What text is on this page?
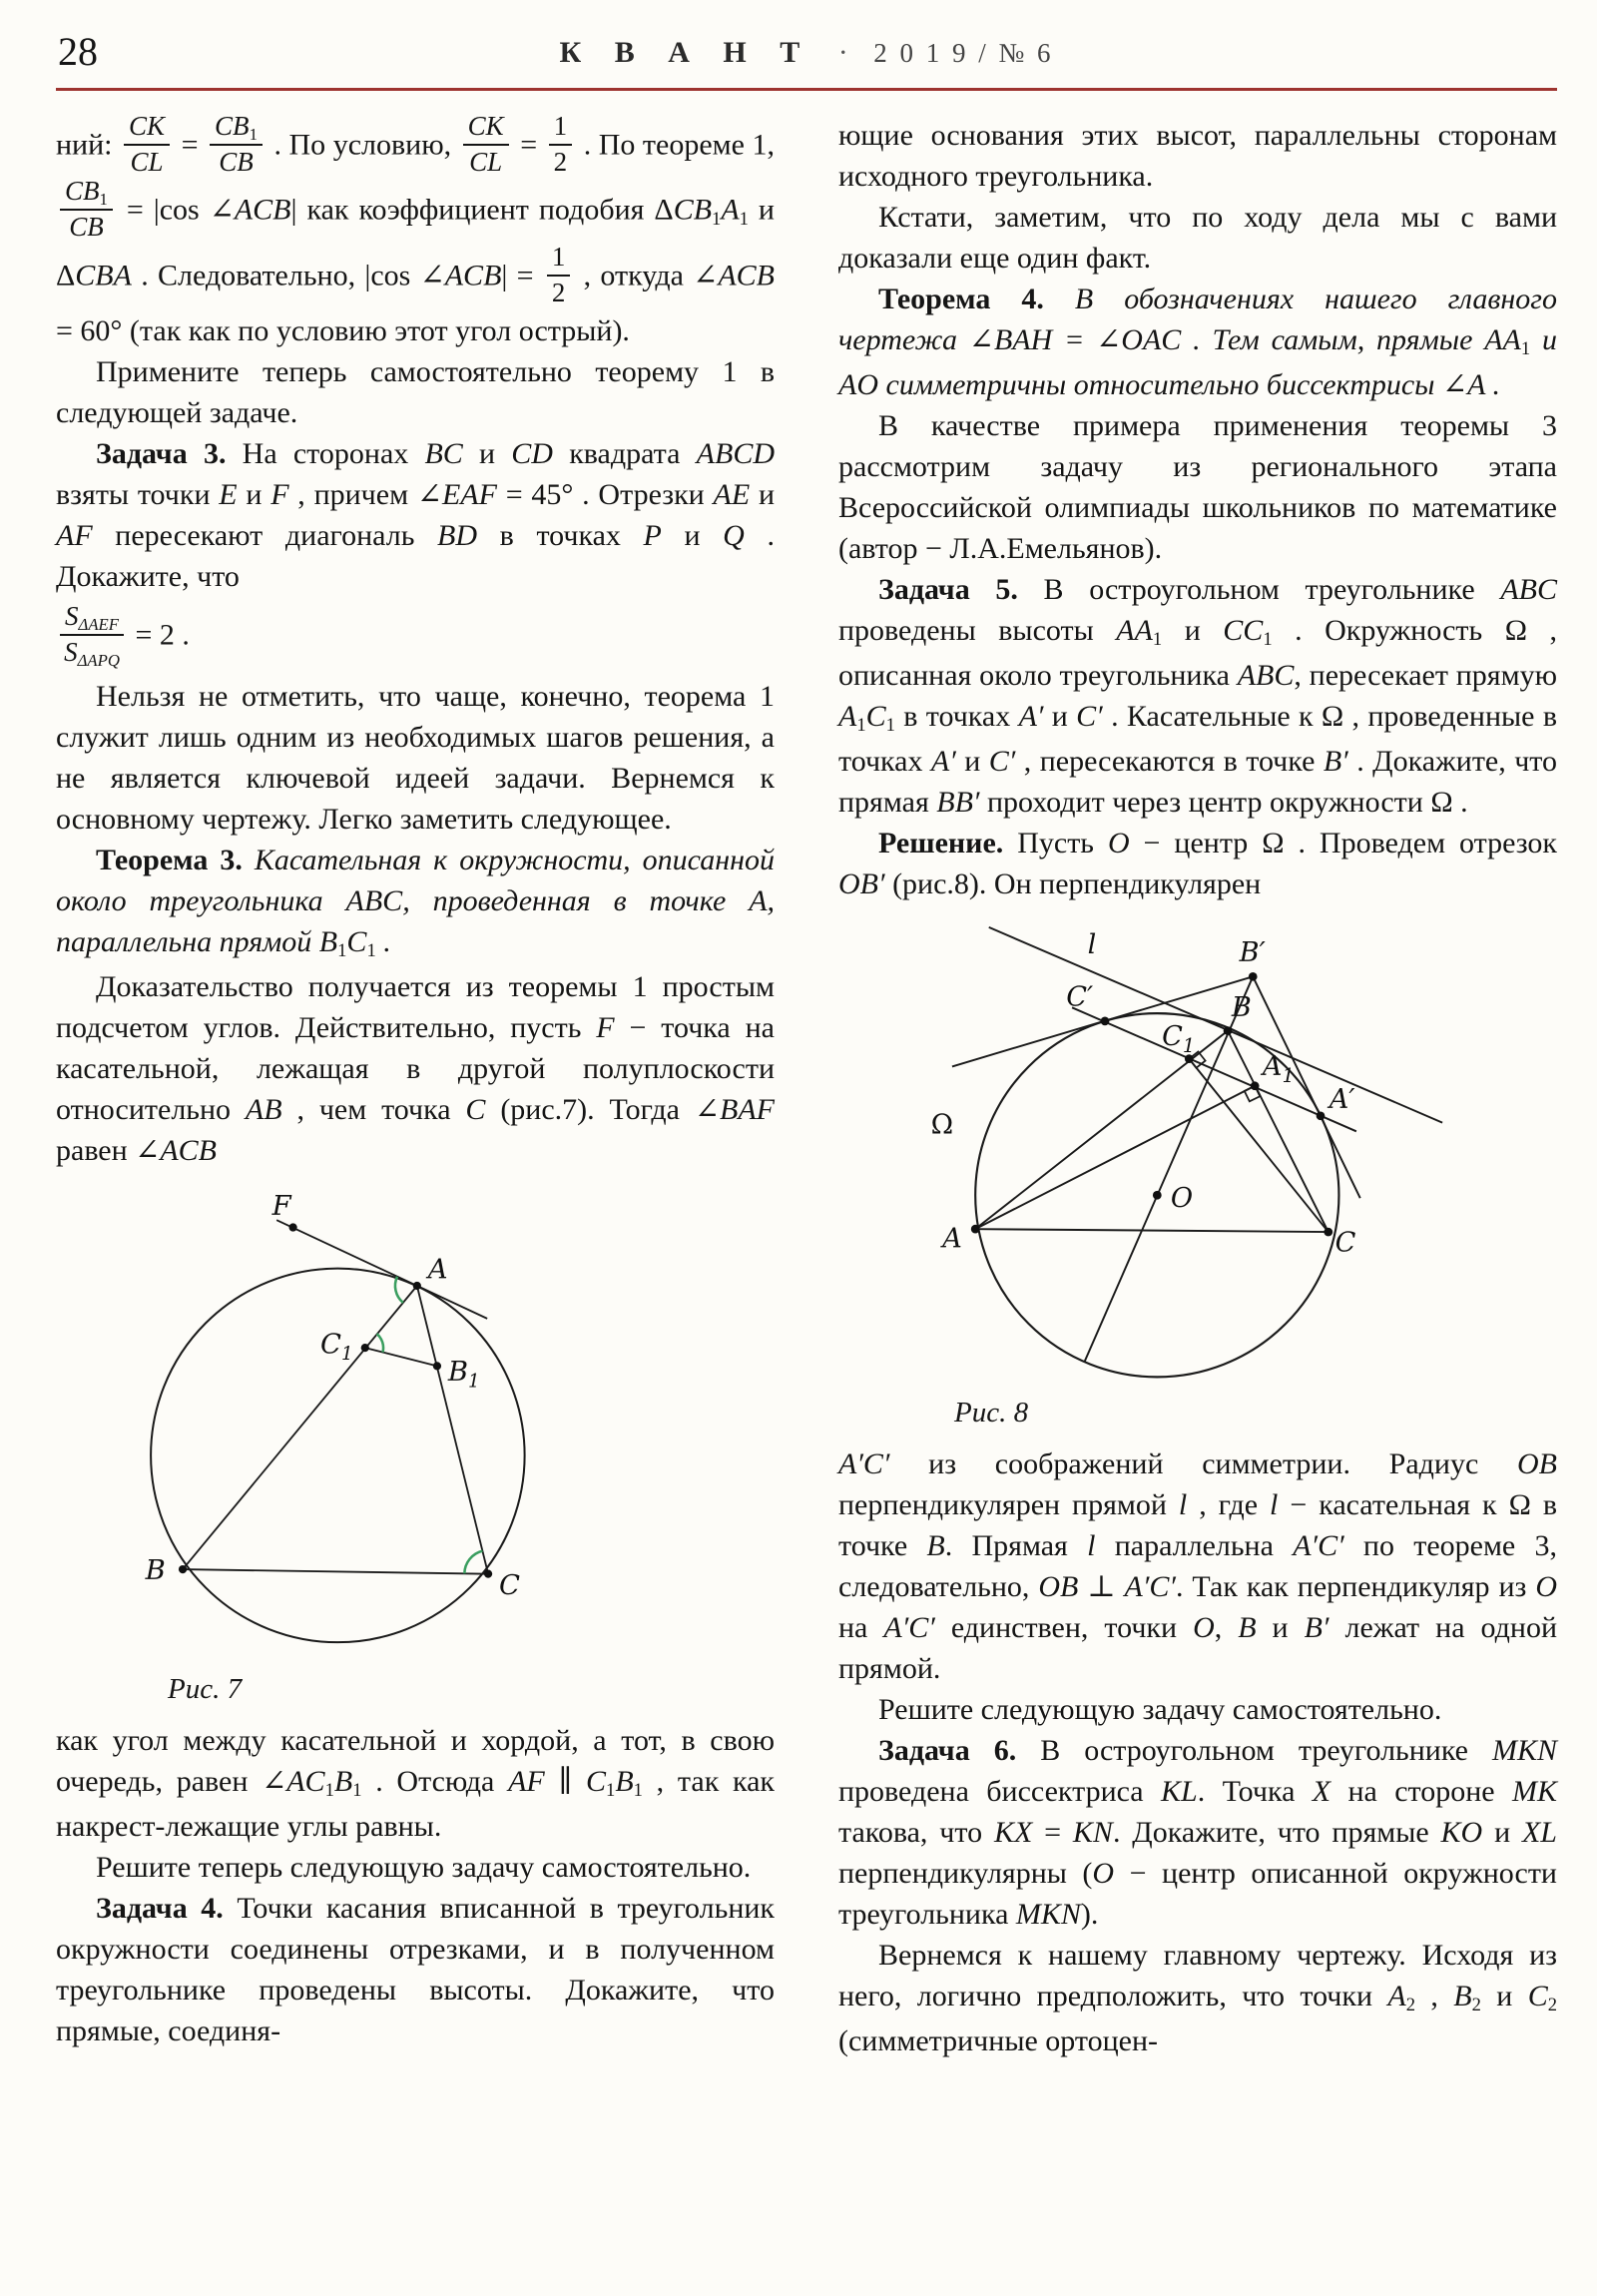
28	К В А Н Т · 2 0 1 9 / № 6

ний: $\frac{CK}{CL} = \frac{CB1}{CB}$ . По условию, $\frac{CK}{CL} = \frac{1}{2}$ . По теореме 1,
$\frac{CB1}{CB} = |\cos$ ∠ACB| как коэффициент подобия ΔCB1A1 и ΔCBA . Следовательно, |cos ∠ACB| = $\frac{1}{2}$ , откуда ∠ACB = 60° (так как по условию этот угол острый).

Примените теперь самостоятельно теорему 1 в следующей задаче.

Задача 3. На сторонах BC и CD квадрата ABCD взяты точки E и F , причем ∠EAF = 45° . Отрезки AE и AF пересекают диагональ BD в точках P и Q . Докажите, что

$\frac{\text{SΔAEF}}{\text{SΔAPQ}} = 2$ .

Нельзя не отметить, что чаще, конечно, теорема 1 служит лишь одним из необходимых шагов решения, а не является ключевой идеей задачи. Вернемся к основному чертежу. Легко заметить следующее.

Теорема 3. Касательная к окружности, описанной около треугольника ABC, проведенная в точке A, параллельна прямой B1C1 .

Доказательство получается из теоремы 1 простым подсчетом углов. Действительно, пусть F − точка на касательной, лежащая в другой полуплоскости относительно AB , чем точка C (рис.7). Тогда ∠BAF равен ∠ACB

F
A
$C_1$
$B_1$
B	C
Рис. 7

как угол между касательной и хордой, а тот, в свою очередь, равен ∠AC1B1 . Отсюда AF ∥ C1B1 , так как накрест-лежащие углы равны.

Решите теперь следующую задачу самостоятельно.

Задача 4. Точки касания вписанной в треугольник окружности соединены отрезками, и в полученном треугольнике проведены высоты. Докажите, что прямые, соединя-

ющие основания этих высот, параллельны сторонам исходного треугольника.

Кстати, заметим, что по ходу дела мы с вами доказали еще один факт.

Теорема 4. В обозначениях нашего главного чертежа ∠BAH = ∠OAC . Тем самым, прямые AA1 и AO симметричны относительно биссектрисы ∠A .

В качестве примера применения теоремы 3 рассмотрим задачу из регионального этапа Всероссийской олимпиады школьников по математике (автор − Л.А.Емельянов).

Задача 5. В остроугольном треугольнике ABC проведены высоты AA1 и CC1 . Окружность Ω , описанная около треугольника ABC, пересекает прямую A1C1 в точках A′ и C′ . Касательные к Ω , проведенные в точках A′ и C′ , пересекаются в точке B′ . Докажите, что прямая BB′ проходит через центр окружности Ω .

Решение. Пусть O − центр Ω . Проведем отрезок OB′ (рис.8). Он перпендикулярен

l	B′
C′
$C_1$
B
$A_1$
A′
Ω
O
A	C
Рис. 8

A′C′ из соображений симметрии. Радиус OB перпендикулярен прямой l , где l − касательная к Ω в точке B. Прямая l параллельна A′C′ по теореме 3, следовательно, OB ⊥ A′C′. Так как перпендикуляр из O на A′C′ единствен, точки O, B и B′ лежат на одной прямой.

Решите следующую задачу самостоятельно.

Задача 6. В остроугольном треугольнике MKN проведена биссектриса KL. Точка X на стороне MK такова, что KX = KN. Докажите, что прямые KO и XL перпендикулярны (O − центр описанной окружности треугольника MKN).

Вернемся к нашему главному чертежу. Исходя из него, логично предположить, что точки A2 , B2 и C2 (симметричные ортоцен-
